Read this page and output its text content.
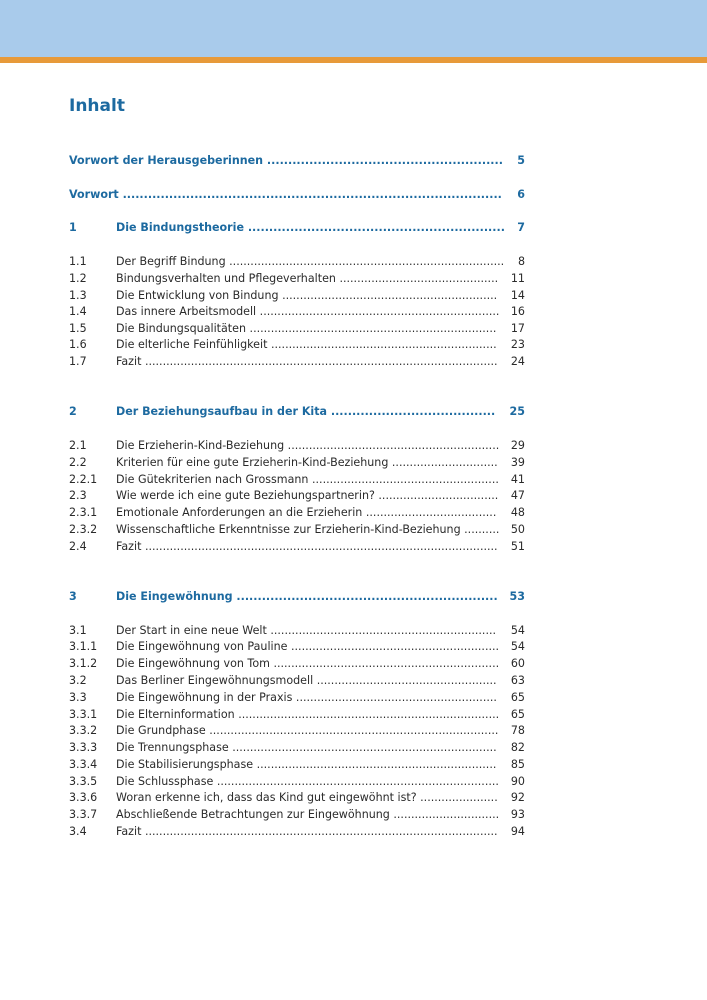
Inhalt
Vorwort der Herausgeberinnen ........................................................ 5
Vorwort .......................................................................................... 6
1	Die Bindungstheorie ............................................................. 7
1.1	Der Begriff Bindung .............................................................................. 8
1.2	Bindungsverhalten und Pflegeverhalten ............................................. 11
1.3	Die Entwicklung von Bindung ............................................................. 14
1.4	Das innere Arbeitsmodell .................................................................... 16
1.5	Die Bindungsqualitäten ...................................................................... 17
1.6	Die elterliche Feinfühligkeit ................................................................ 23
1.7	Fazit .................................................................................................... 24
2	Der Beziehungsaufbau in der Kita ....................................... 25
2.1	Die Erzieherin-Kind-Beziehung ............................................................ 29
2.2	Kriterien für eine gute Erzieherin-Kind-Beziehung .............................. 39
2.2.1 Die Gütekriterien nach Grossmann ..................................................... 41
2.3	Wie werde ich eine gute Beziehungspartnerin? .................................. 47
2.3.1 Emotionale Anforderungen an die Erzieherin ..................................... 48
2.3.2 Wissenschaftliche Erkenntnisse zur Erzieherin-Kind-Beziehung .......... 50
2.4	Fazit .................................................................................................... 51
3	Die Eingewöhnung .............................................................. 53
3.1	Der Start in eine neue Welt ................................................................ 54
3.1.1 Die Eingewöhnung von Pauline ........................................................... 54
3.1.2 Die Eingewöhnung von Tom ................................................................ 60
3.2	Das Berliner Eingewöhnungsmodell ................................................... 63
3.3	Die Eingewöhnung in der Praxis ......................................................... 65
3.3.1 Die Elterninformation .......................................................................... 65
3.3.2 Die Grundphase .................................................................................. 78
3.3.3 Die Trennungsphase ........................................................................... 82
3.3.4 Die Stabilisierungsphase .................................................................... 85
3.3.5 Die Schlussphase ................................................................................ 90
3.3.6 Woran erkenne ich, dass das Kind gut eingewöhnt ist? ...................... 92
3.3.7 Abschließende Betrachtungen zur Eingewöhnung .............................. 93
3.4	Fazit .................................................................................................... 94
